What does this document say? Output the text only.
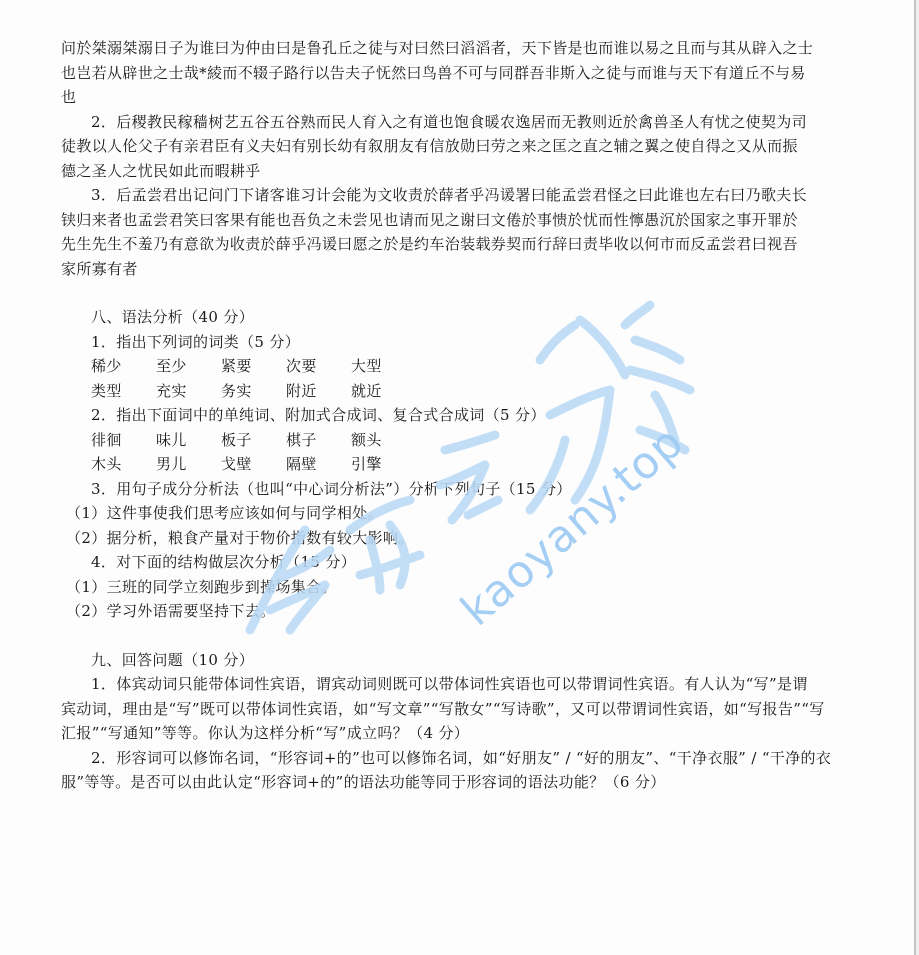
问於桀溺桀溺日子为谁曰为仲由曰是鲁孔丘之徒与对曰然曰滔滔者，天下皆是也而谁以易之且而与其从辟入之士
也岂若从辟世之士哉*綾而不辍子路行以告夫子怃然曰鸟兽不可与同群吾非斯入之徒与而谁与天下有道丘不与易
也
2．后稷教民稼穑树艺五谷五谷熟而民人育入之有道也饱食暖农逸居而无教则近於禽兽圣人有忧之使契为司
徒教以人伦父子有亲君臣有义夫妇有别长幼有叙朋友有信放勋曰劳之来之匡之直之辅之翼之使自得之又从而振
德之圣人之忧民如此而暇耕乎
3．后孟尝君出记问门下诸客谁习计会能为文收责於薛者乎冯谖署曰能孟尝君怪之曰此谁也左右曰乃歌夫长
铗归来者也孟尝君笑曰客果有能也吾负之未尝见也请而见之谢曰文倦於事愦於忧而性懧愚沉於国家之事开罪於
先生先生不羞乃有意欲为收责於薛乎冯谖曰愿之於是约车治装载券契而行辞曰责毕收以何市而反孟尝君曰视吾
家所寡有者
八、语法分析（40 分）
1．指出下列词的词类（5 分）
稀少	至少	紧要	次要	大型
类型	充实	务实	附近	就近
2．指出下面词中的单纯词、附加式合成词、复合式合成词（5 分）
徘徊	味儿	板子	棋子	额头
木头	男儿	戈壁	隔壁	引擎
3．用句子成分分析法（也叫“中心词分析法”）分析下列句子（15 分）
（1）这件事使我们思考应该如何与同学相处。
（2）据分析，粮食产量对于物价指数有较大影响。
4．对下面的结构做层次分析（15 分）
（1）三班的同学立刻跑步到操场集合。
（2）学习外语需要坚持下去。
九、回答问题（10 分）
1．体宾动词只能带体词性宾语，谓宾动词则既可以带体词性宾语也可以带谓词性宾语。有人认为“写”是谓
宾动词，理由是“写”既可以带体词性宾语，如“写文章”“写散女”“写诗歌”，又可以带谓词性宾语，如“写报告”“写
汇报”“写通知”等等。你认为这样分析“写”成立吗？（4 分）
2．形容词可以修饰名词，“形容词+的”也可以修饰名词，如“好朋友” / “好的朋友”、“干净衣服” / “干净的衣
服”等等。是否可以由此认定“形容词+的”的语法功能等同于形容词的语法功能？（6 分）
kaoyany.top
